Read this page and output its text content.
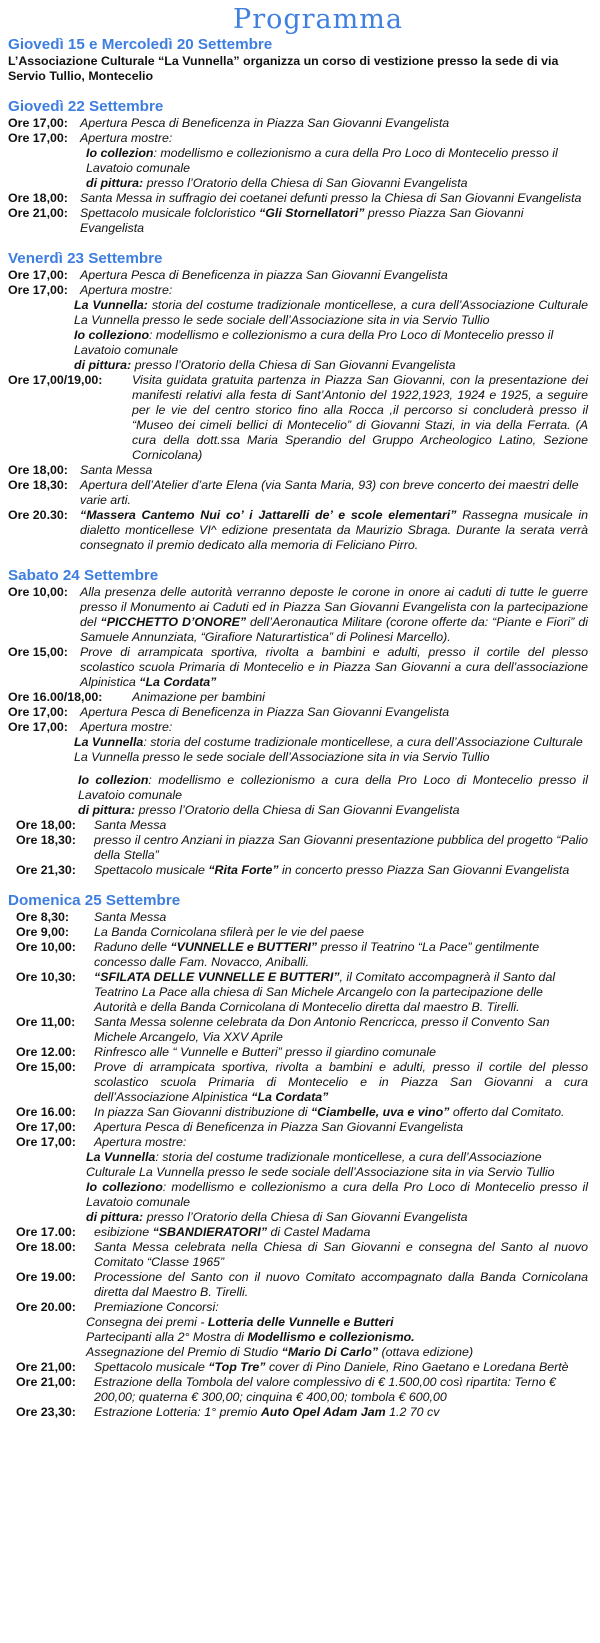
Programma
Giovedì 15 e Mercoledì 20 Settembre
L’Associazione Culturale “La Vunnella” organizza un corso di vestizione presso la sede di via Servio Tullio, Montecelio
Giovedì 22 Settembre
Ore 17,00: Apertura Pesca di Beneficenza in Piazza San Giovanni Evangelista
Ore 17,00: Apertura mostre:
Io collezion: modellismo e collezionismo a cura della Pro Loco di Montecelio presso il Lavatoio comunale
di pittura: presso l’Oratorio della Chiesa di San Giovanni Evangelista
Ore 18,00: Santa Messa in suffragio dei coetanei defunti presso la Chiesa di San Giovanni Evangelista
Ore 21,00: Spettacolo musicale folcloristico “Gli Stornellatori” presso Piazza San Giovanni Evangelista
Venerdì 23 Settembre
Ore 17,00: Apertura Pesca di Beneficenza in piazza San Giovanni Evangelista
Ore 17,00: Apertura mostre:
La Vunnella: storia del costume tradizionale monticellese, a cura dell’Associazione Culturale La Vunnella presso le sede sociale dell’Associazione sita in via Servio Tullio
Io colleziono: modellismo e collezionismo a cura della Pro Loco di Montecelio presso il Lavatoio comunale
di pittura: presso l’Oratorio della Chiesa di San Giovanni Evangelista
Ore 17,00/19,00: Visita guidata gratuita partenza in Piazza San Giovanni, con la presentazione dei manifesti relativi alla festa di Sant’Antonio del 1922,1923, 1924 e 1925, a seguire per le vie del centro storico fino alla Rocca ,il percorso si concluderà presso il “Museo dei cimeli bellici di Montecelio” di Giovanni Stazi, in via della Ferrata. (A cura della dott.ssa Maria Sperandio del Gruppo Archeologico Latino, Sezione Cornicolana)
Ore 18,00: Santa Messa
Ore 18,30: Apertura dell’Atelier d’arte Elena (via Santa Maria, 93) con breve concerto dei maestri delle varie arti.
Ore 20.30: “Massera Cantemo Nui co’ i Jattarelli de’ e scole elementari” Rassegna musicale in dialetto monticellese VI^ edizione presentata da Maurizio Sbraga. Durante la serata verrà consegnato il premio dedicato alla memoria di Feliciano Pirro.
Sabato 24 Settembre
Ore 10,00: Alla presenza delle autorità verranno deposte le corone in onore ai caduti di tutte le guerre presso il Monumento ai Caduti ed in Piazza San Giovanni Evangelista con la partecipazione del “PICCHETTO D’ONORE” dell’Aeronautica Militare (corone offerte da: “Piante e Fiori” di Samuele Annunziata, “Girafiore Naturartistica” di Polinesi Marcello).
Ore 15,00: Prove di arrampicata sportiva, rivolta a bambini e adulti, presso il cortile del plesso scolastico scuola Primaria di Montecelio e in Piazza San Giovanni a cura dell’associazione Alpinistica “La Cordata”
Ore 16.00/18,00: Animazione per bambini
Ore 17,00: Apertura Pesca di Beneficenza in Piazza San Giovanni Evangelista
Ore 17,00: Apertura mostre:
La Vunnella: storia del costume tradizionale monticellese, a cura dell’Associazione Culturale La Vunnella presso le sede sociale dell’Associazione sita in via Servio Tullio
Io collezion: modellismo e collezionismo a cura della Pro Loco di Montecelio presso il Lavatoio comunale
di pittura: presso l’Oratorio della Chiesa di San Giovanni Evangelista
Ore 18,00: Santa Messa
Ore 18,30: presso il centro Anziani in piazza San Giovanni presentazione pubblica del progetto “Palio della Stella”
Ore 21,30: Spettacolo musicale “Rita Forte” in concerto presso Piazza San Giovanni Evangelista
Domenica 25 Settembre
Ore 8,30: Santa Messa
Ore 9,00: La Banda Cornicolana sfilerà per le vie del paese
Ore 10,00: Raduno delle “VUNNELLE e BUTTERI” presso il Teatrino “La Pace” gentilmente concesso dalle Fam. Novacco, Aniballi.
Ore 10,30: “SFILATA DELLE VUNNELLE E BUTTERI”, il Comitato accompagnerà il Santo dal Teatrino La Pace alla chiesa di San Michele Arcangelo con la partecipazione delle Autorità e della Banda Cornicolana di Montecelio diretta dal maestro B. Tirelli.
Ore 11,00: Santa Messa solenne celebrata da Don Antonio Rencricca, presso il Convento San Michele Arcangelo, Via XXV Aprile
Ore 12.00: Rinfresco alle “ Vunnelle e Butteri” presso il giardino comunale
Ore 15,00: Prove di arrampicata sportiva, rivolta a bambini e adulti, presso il cortile del plesso scolastico scuola Primaria di Montecelio e in Piazza San Giovanni a cura dell’Associazione Alpinistica “La Cordata”
Ore 16.00: In piazza San Giovanni distribuzione di “Ciambelle, uva e vino” offerto dal Comitato.
Ore 17,00: Apertura Pesca di Beneficenza in Piazza San Giovanni Evangelista
Ore 17,00: Apertura mostre:
La Vunnella: storia del costume tradizionale monticellese, a cura dell’Associazione Culturale La Vunnella presso le sede sociale dell’Associazione sita in via Servio Tullio
Io colleziono: modellismo e collezionismo a cura della Pro Loco di Montecelio presso il Lavatoio comunale
di pittura: presso l’Oratorio della Chiesa di San Giovanni Evangelista
Ore 17.00: esibizione “SBANDIERATORI” di Castel Madama
Ore 18.00: Santa Messa celebrata nella Chiesa di San Giovanni e consegna del Santo al nuovo Comitato “Classe 1965”
Ore 19.00: Processione del Santo con il nuovo Comitato accompagnato dalla Banda Cornicolana diretta dal Maestro B. Tirelli.
Ore 20.00: Premiazione Concorsi:
Consegna dei premi - Lotteria delle Vunnelle e Butteri
Partecipanti alla 2° Mostra di Modellismo e collezionismo.
Assegnazione del Premio di Studio “Mario Di Carlo” (ottava edizione)
Ore 21,00: Spettacolo musicale “Top Tre” cover di Pino Daniele, Rino Gaetano e Loredana Bertè
Ore 21,00: Estrazione della Tombola del valore complessivo di € 1.500,00 così ripartita: Terno € 200,00; quaterna € 300,00; cinquina € 400,00; tombola € 600,00
Ore 23,30: Estrazione Lotteria: 1° premio Auto Opel Adam Jam 1.2 70 cv
